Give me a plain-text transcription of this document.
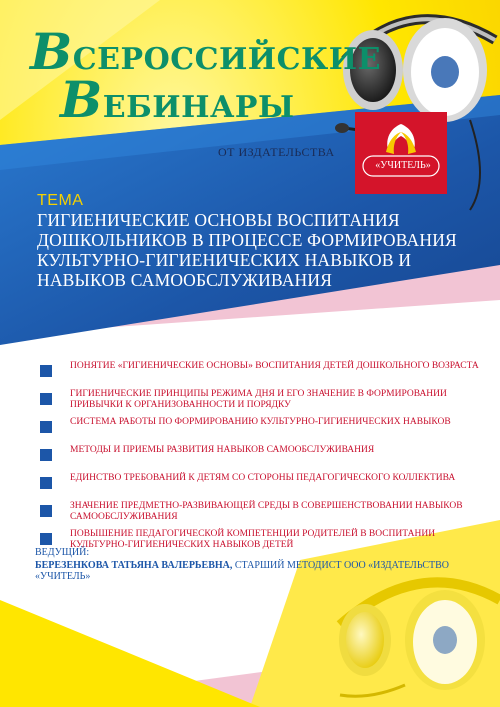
ВСЕРОССИЙСКИЕ
ВЕБИНАРЫ
ОТ ИЗДАТЕЛЬСТВА
«УЧИТЕЛЬ»
ТЕМА
ГИГИЕНИЧЕСКИЕ ОСНОВЫ ВОСПИТАНИЯ ДОШКОЛЬНИКОВ В ПРОЦЕССЕ ФОРМИРОВАНИЯ КУЛЬТУРНО-ГИГИЕНИЧЕСКИХ НАВЫКОВ И НАВЫКОВ САМООБСЛУЖИВАНИЯ
ПОНЯТИЕ «ГИГИЕНИЧЕСКИЕ ОСНОВЫ» ВОСПИТАНИЯ ДЕТЕЙ ДОШКОЛЬНОГО ВОЗРАСТА
ГИГИЕНИЧЕСКИЕ ПРИНЦИПЫ РЕЖИМА ДНЯ И ЕГО ЗНАЧЕНИЕ В ФОРМИРОВАНИИ ПРИВЫЧКИ К ОРГАНИЗОВАННОСТИ И ПОРЯДКУ
СИСТЕМА РАБОТЫ ПО ФОРМИРОВАНИЮ КУЛЬТУРНО-ГИГИЕНИЧЕСКИХ НАВЫКОВ
МЕТОДЫ И ПРИЕМЫ РАЗВИТИЯ НАВЫКОВ САМООБСЛУЖИВАНИЯ
ЕДИНСТВО ТРЕБОВАНИЙ К ДЕТЯМ СО СТОРОНЫ ПЕДАГОГИЧЕСКОГО КОЛЛЕКТИВА
ЗНАЧЕНИЕ ПРЕДМЕТНО-РАЗВИВАЮЩЕЙ СРЕДЫ В СОВЕРШЕНСТВОВАНИИ НАВЫКОВ САМООБСЛУЖИВАНИЯ
ПОВЫШЕНИЕ ПЕДАГОГИЧЕСКОЙ КОМПЕТЕНЦИИ РОДИТЕЛЕЙ В ВОСПИТАНИИ КУЛЬТУРНО-ГИГИЕНИЧЕСКИХ НАВЫКОВ ДЕТЕЙ
ВЕДУЩИЙ:
БЕРЕЗЕНКОВА ТАТЬЯНА ВАЛЕРЬЕВНА, СТАРШИЙ МЕТОДИСТ ООО «ИЗДАТЕЛЬСТВО «УЧИТЕЛЬ»
